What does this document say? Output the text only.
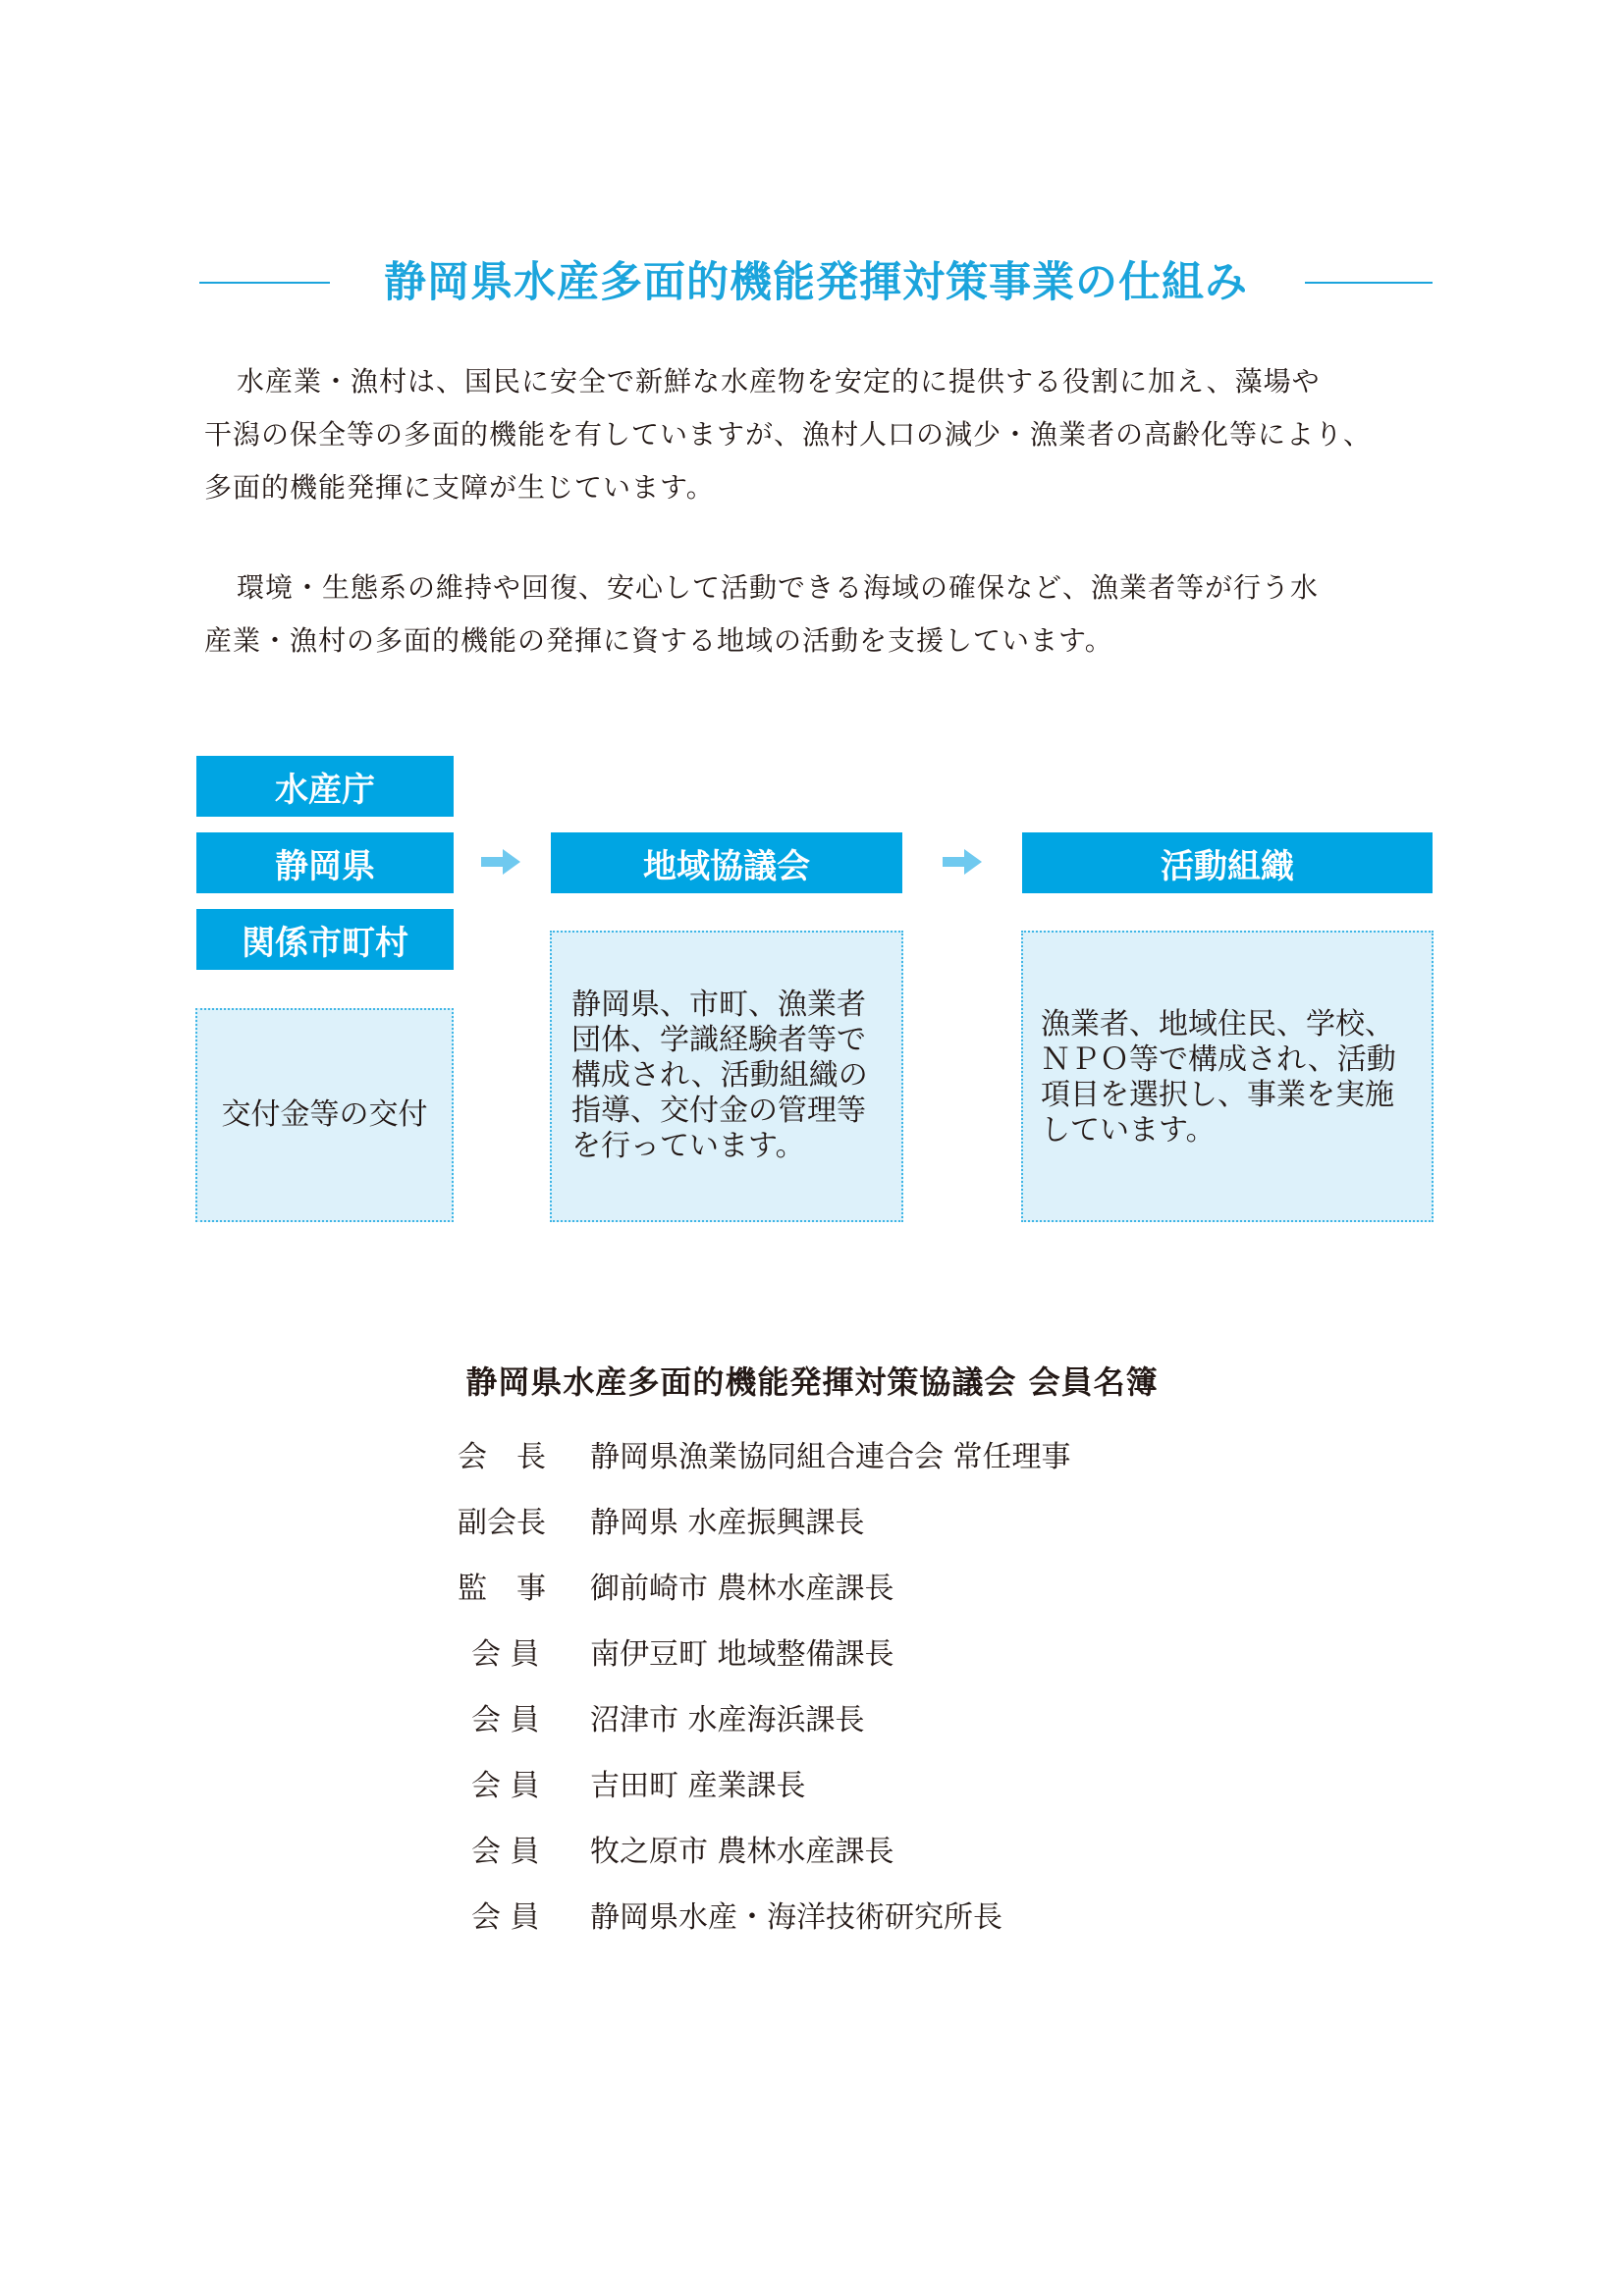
静岡県水産多面的機能発揮対策事業の仕組み

水産業・漁村は、国民に安全で新鮮な水産物を安定的に提供する役割に加え、藻場や

干潟の保全等の多面的機能を有していますが、漁村人口の減少・漁業者の高齢化等により、

多面的機能発揮に支障が生じています。

環境・生態系の維持や回復、安心して活動できる海域の確保など、漁業者等が行う水

産業・漁村の多面的機能の発揮に資する地域の活動を支援しています。

水産庁
静岡県
関係市町村

交付金等の交付

地域協議会

静岡県、市町、漁業者

団体、学識経験者等で

構成され、活動組織の

指導、交付金の管理等

を行っています。

活動組織

漁業者、地域住民、学校、

ＮＰＯ等で構成され、活動

項目を選択し、事業を実施

しています。

静岡県水産多面的機能発揮対策協議会 会員名簿
会　長	静岡県漁業協同組合連合会 常任理事
副会長	静岡県 水産振興課長
監　事	御前崎市 農林水産課長
会 員	南伊豆町 地域整備課長
会 員	沼津市 水産海浜課長
会 員	吉田町 産業課長
会 員	牧之原市 農林水産課長
会 員	静岡県水産・海洋技術研究所長
